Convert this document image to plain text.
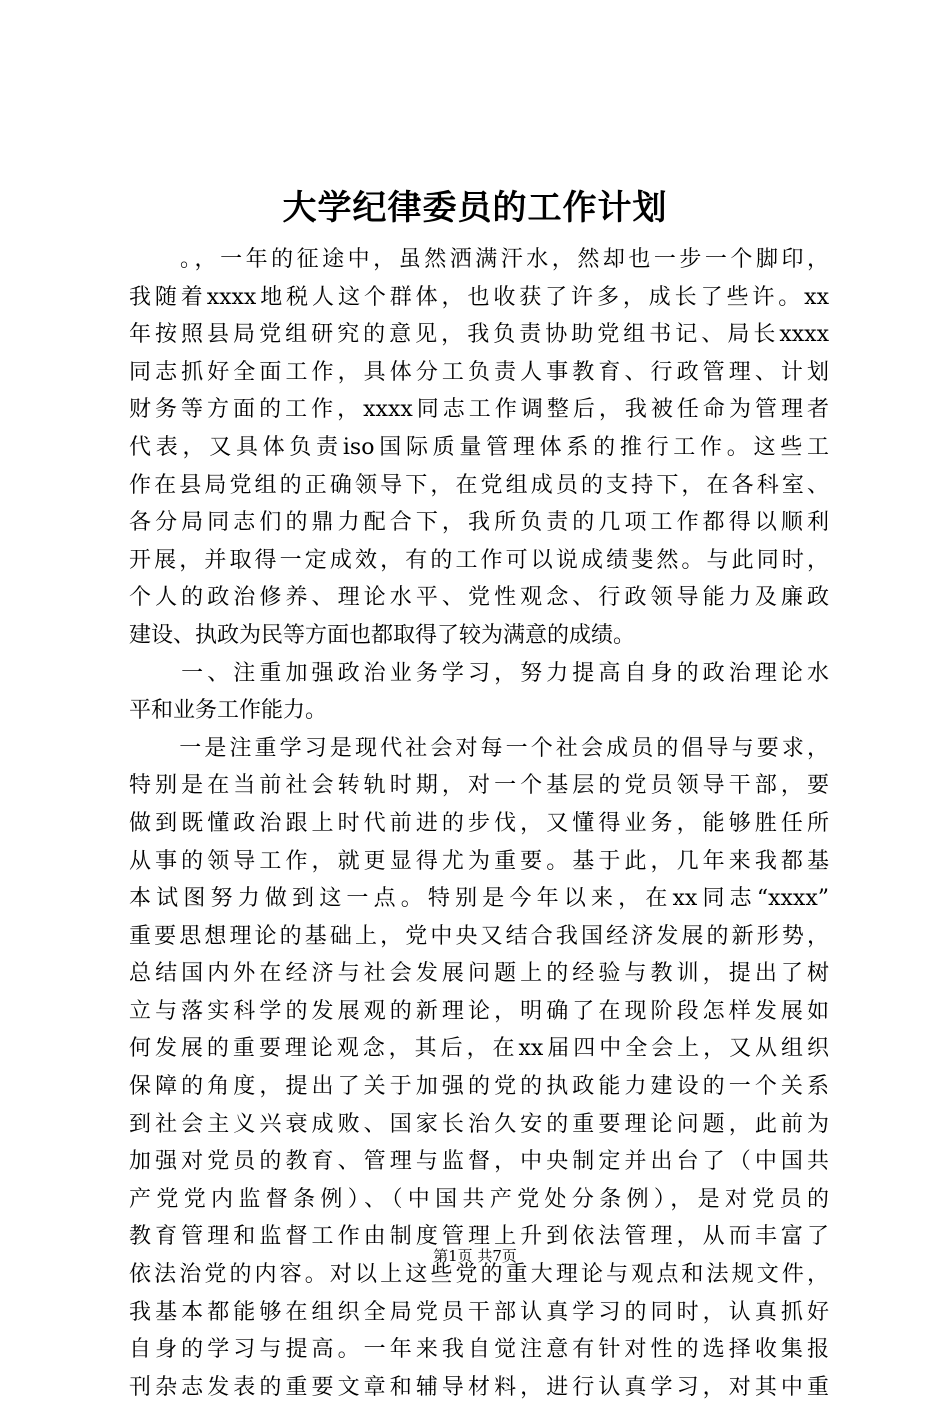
大学纪律委员的工作计划
　　。，一年的征途中，虽然洒满汗水，然却也一步一个脚印，
我随着xxxx地税人这个群体，也收获了许多，成长了些许。xx
年按照县局党组研究的意见，我负责协助党组书记、局长xxxx
同志抓好全面工作，具体分工负责人事教育、行政管理、计划
财务等方面的工作，xxxx同志工作调整后，我被任命为管理者
代表，又具体负责iso国际质量管理体系的推行工作。这些工
作在县局党组的正确领导下，在党组成员的支持下，在各科室、
各分局同志们的鼎力配合下，我所负责的几项工作都得以顺利
开展，并取得一定成效，有的工作可以说成绩斐然。与此同时，
个人的政治修养、理论水平、党性观念、行政领导能力及廉政
建设、执政为民等方面也都取得了较为满意的成绩。
　　一、注重加强政治业务学习，努力提高自身的政治理论水
平和业务工作能力。
　　一是注重学习是现代社会对每一个社会成员的倡导与要求，
特别是在当前社会转轨时期，对一个基层的党员领导干部，要
做到既懂政治跟上时代前进的步伐，又懂得业务，能够胜任所
从事的领导工作，就更显得尤为重要。基于此，几年来我都基
本试图努力做到这一点。特别是今年以来，在xx同志“xxxx”
重要思想理论的基础上，党中央又结合我国经济发展的新形势，
总结国内外在经济与社会发展问题上的经验与教训，提出了树
立与落实科学的发展观的新理论，明确了在现阶段怎样发展如
何发展的重要理论观念，其后，在xx届四中全会上，又从组织
保障的角度，提出了关于加强的党的执政能力建设的一个关系
到社会主义兴衰成败、国家长治久安的重要理论问题，此前为
加强对党员的教育、管理与监督，中央制定并出台了（中国共
产党党内监督条例）、（中国共产党处分条例），是对党员的
教育管理和监督工作由制度管理上升到依法管理，从而丰富了
依法治党的内容。对以上这些党的重大理论与观点和法规文件，
我基本都能够在组织全局党员干部认真学习的同时，认真抓好
自身的学习与提高。一年来我自觉注意有针对性的选择收集报
刊杂志发表的重要文章和辅导材料，进行认真学习，对其中重
第1页 共7页
